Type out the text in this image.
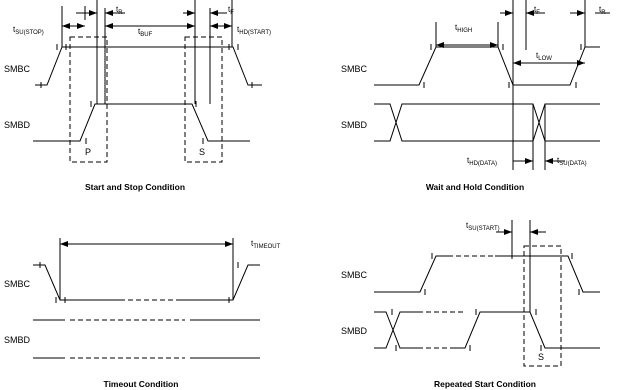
SMBC
SMBD
P	S
$t_{SU(STOP)}$
$t_R$
$t_{BUF}$
$t_F$
$t_{HD(START)}$
Start and Stop Condition
SMBC
SMBD
$t_{HIGH}$
$t_F$	$t_R$
$t_{LOW}$
$t_{HD(DATA)}$	$t_{SU(DATA)}$
Wait and Hold Condition
SMBC
SMBD
$t_{TIMEOUT}$
Timeout Condition
SMBC
SMBD
S
$t_{SU(START)}$
Repeated Start Condition
